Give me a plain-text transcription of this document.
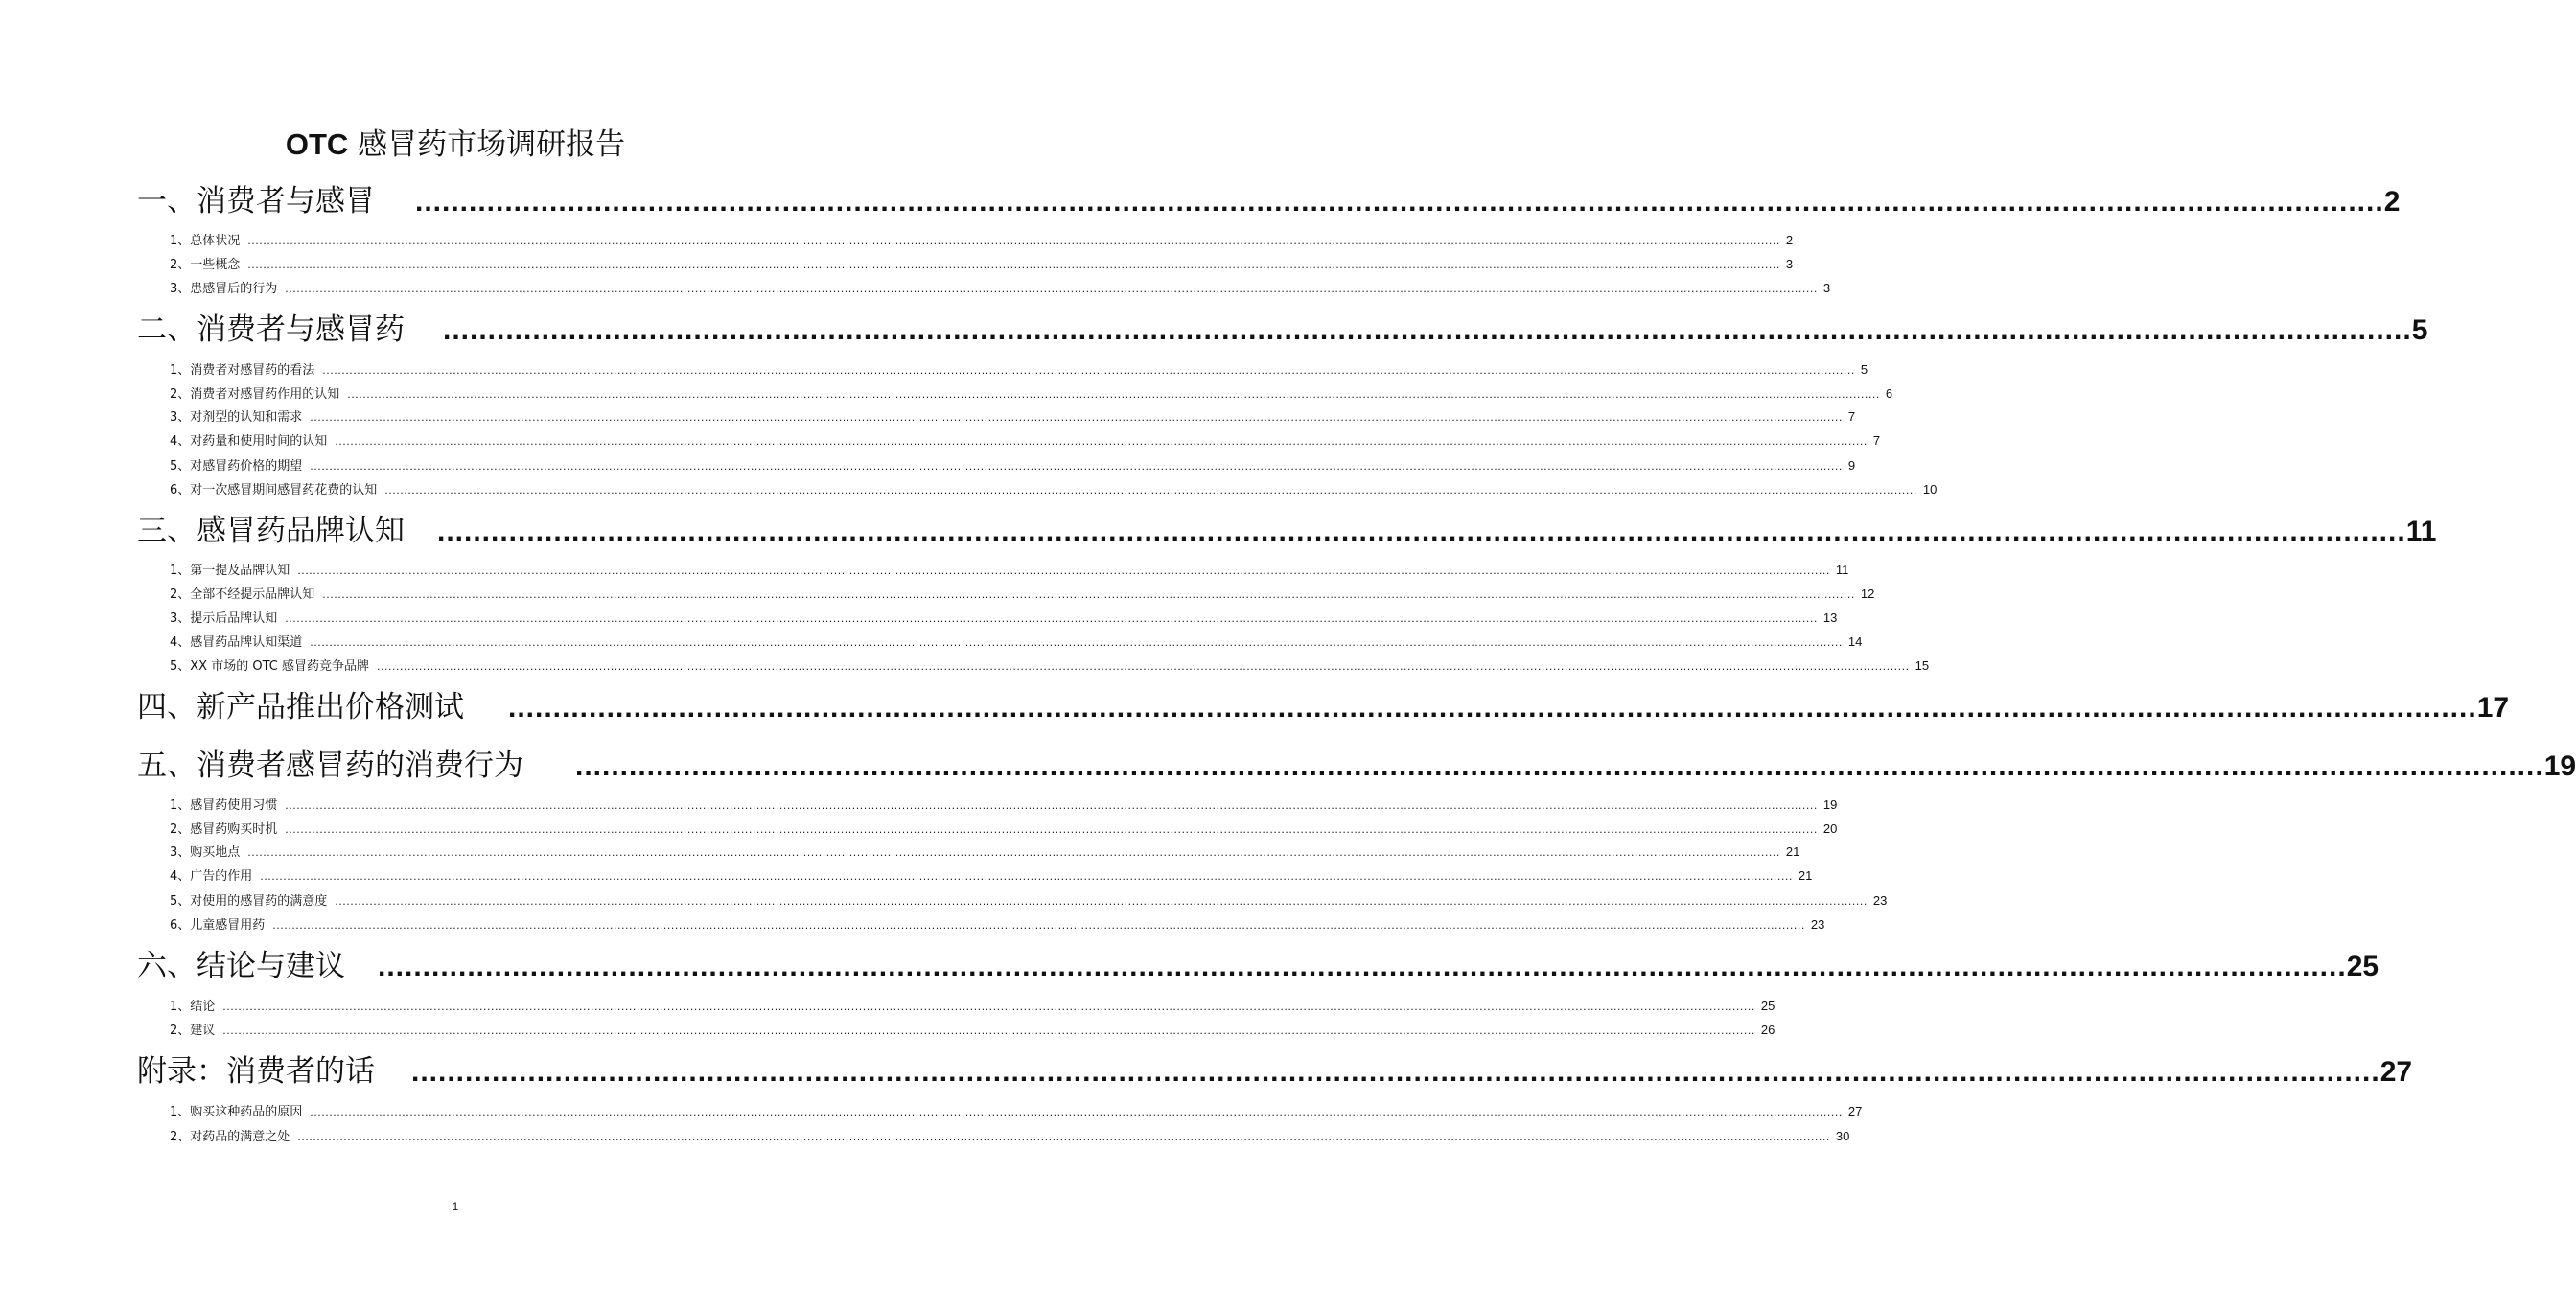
OTC 感冒药市场调研报告
一、消费者与感冒	............................................................................................................................................................................................................................ 2
1、总体状况 ................................................................................................................................................................................................................................................................................................................................................................................................................ 2
2、一些概念 ................................................................................................................................................................................................................................................................................................................................................................................................................ 3
3、患感冒后的行为 ................................................................................................................................................................................................................................................................................................................................................................................................................ 3
二、消费者与感冒药	............................................................................................................................................................................................................................ 5
1、消费者对感冒药的看法 ................................................................................................................................................................................................................................................................................................................................................................................................................ 5
2、消费者对感冒药作用的认知 ................................................................................................................................................................................................................................................................................................................................................................................................................ 6
3、对剂型的认知和需求 ................................................................................................................................................................................................................................................................................................................................................................................................................ 7
4、对药量和使用时间的认知 ................................................................................................................................................................................................................................................................................................................................................................................................................ 7
5、对感冒药价格的期望 ................................................................................................................................................................................................................................................................................................................................................................................................................ 9
6、对一次感冒期间感冒药花费的认知 ................................................................................................................................................................................................................................................................................................................................................................................................................ 10
三、感冒药品牌认知	............................................................................................................................................................................................................................ 11
1、第一提及品牌认知 ................................................................................................................................................................................................................................................................................................................................................................................................................ 11
2、全部不经提示品牌认知 ................................................................................................................................................................................................................................................................................................................................................................................................................ 12
3、提示后品牌认知 ................................................................................................................................................................................................................................................................................................................................................................................................................ 13
4、感冒药品牌认知渠道 ................................................................................................................................................................................................................................................................................................................................................................................................................ 14
5、XX 市场的 OTC 感冒药竞争品牌 ................................................................................................................................................................................................................................................................................................................................................................................................................ 15
四、新产品推出价格测试	............................................................................................................................................................................................................................ 17
五、消费者感冒药的消费行为	............................................................................................................................................................................................................................ 19
1、感冒药使用习惯 ................................................................................................................................................................................................................................................................................................................................................................................................................ 19
2、感冒药购买时机 ................................................................................................................................................................................................................................................................................................................................................................................................................ 20
3、购买地点 ................................................................................................................................................................................................................................................................................................................................................................................................................ 21
4、广告的作用 ................................................................................................................................................................................................................................................................................................................................................................................................................ 21
5、对使用的感冒药的满意度 ................................................................................................................................................................................................................................................................................................................................................................................................................ 23
6、儿童感冒用药 ................................................................................................................................................................................................................................................................................................................................................................................................................ 23
六、结论与建议	............................................................................................................................................................................................................................ 25
1、结论 ................................................................................................................................................................................................................................................................................................................................................................................................................ 25
2、建议 ................................................................................................................................................................................................................................................................................................................................................................................................................ 26
附录：消费者的话	............................................................................................................................................................................................................................ 27
1、购买这种药品的原因 ................................................................................................................................................................................................................................................................................................................................................................................................................ 27
2、对药品的满意之处 ................................................................................................................................................................................................................................................................................................................................................................................................................ 30
1
